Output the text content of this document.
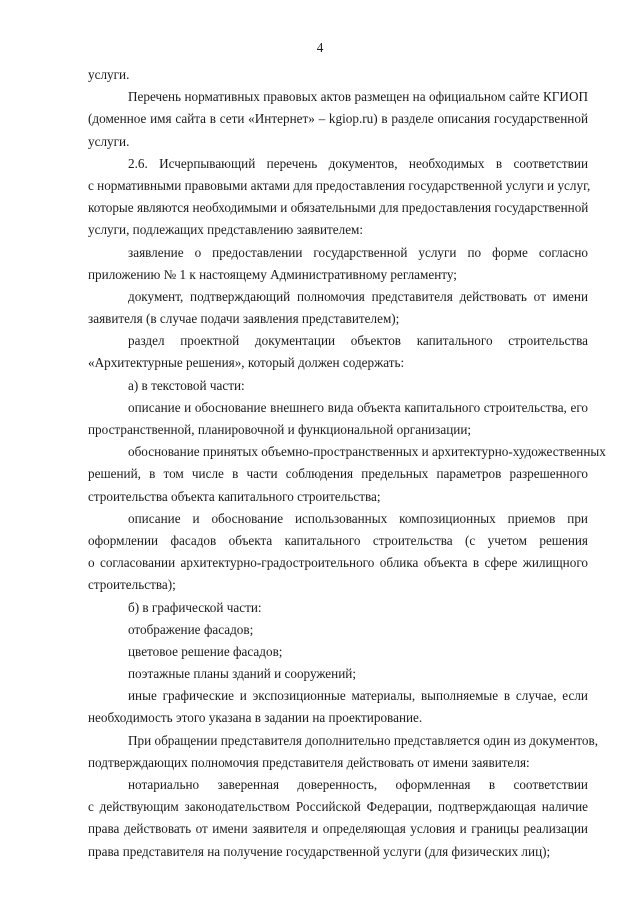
4
услуги.
Перечень нормативных правовых актов размещен на официальном сайте КГИОП
(доменное имя сайта в сети «Интернет» – kgiop.ru) в разделе описания государственной
услуги.
2.6. Исчерпывающий перечень документов, необходимых в соответствии
с нормативными правовыми актами для предоставления государственной услуги и услуг,
которые являются необходимыми и обязательными для предоставления государственной
услуги, подлежащих представлению заявителем:
заявление о предоставлении государственной услуги по форме согласно
приложению № 1 к настоящему Административному регламенту;
документ, подтверждающий полномочия представителя действовать от имени
заявителя (в случае подачи заявления представителем);
раздел проектной документации объектов капитального строительства
«Архитектурные решения», который должен содержать:
а) в текстовой части:
описание и обоснование внешнего вида объекта капитального строительства, его
пространственной, планировочной и функциональной организации;
обоснование принятых объемно-пространственных и архитектурно-художественных
решений, в том числе в части соблюдения предельных параметров разрешенного
строительства объекта капитального строительства;
описание и обоснование использованных композиционных приемов при
оформлении фасадов объекта капитального строительства (с учетом решения
о согласовании архитектурно-градостроительного облика объекта в сфере жилищного
строительства);
б) в графической части:
отображение фасадов;
цветовое решение фасадов;
поэтажные планы зданий и сооружений;
иные графические и экспозиционные материалы, выполняемые в случае, если
необходимость этого указана в задании на проектирование.
При обращении представителя дополнительно представляется один из документов,
подтверждающих полномочия представителя действовать от имени заявителя:
нотариально заверенная доверенность, оформленная в соответствии
с действующим законодательством Российской Федерации, подтверждающая наличие
права действовать от имени заявителя и определяющая условия и границы реализации
права представителя на получение государственной услуги (для физических лиц);
